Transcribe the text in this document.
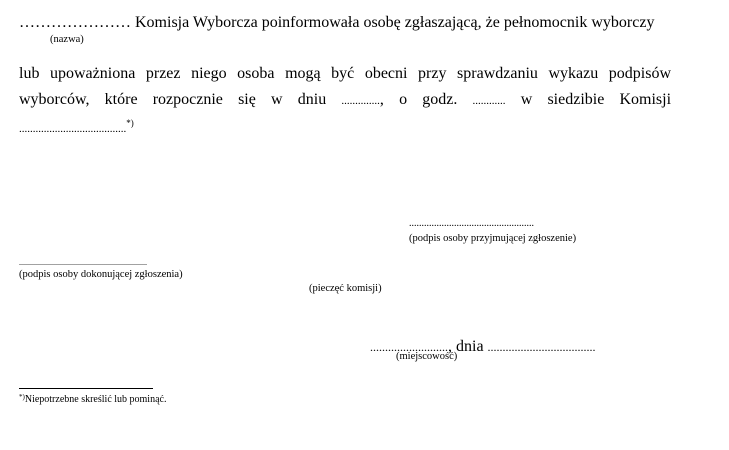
………………… Komisja Wyborcza poinformowała osobę zgłaszającą, że pełnomocnik wyborczy
(nazwa)
lub upoważniona przez niego osoba mogą być obecni przy sprawdzaniu wykazu podpisów
wyborców, które rozpocznie się w dniu .............., o godz. ............ w siedzibie Komisji
.......................................*)
..................................................
(podpis osoby przyjmującej zgłoszenie)
................................................................
(podpis osoby dokonującej zgłoszenia)
(pieczęć komisji)
.........................., dnia ....................................
(miejscowość)
*)Niepotrzebne skreślić lub pominąć.
